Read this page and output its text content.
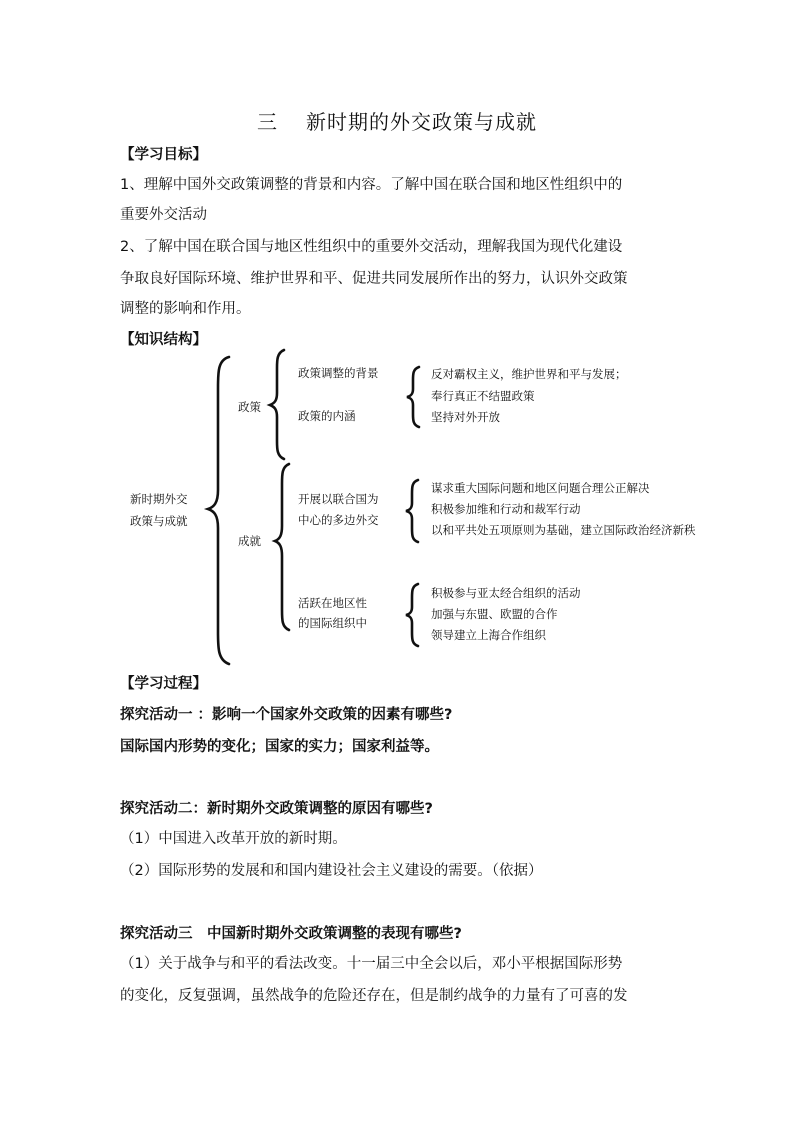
三 新时期的外交政策与成就
【学习目标】
1、理解中国外交政策调整的背景和内容。了解中国在联合国和地区性组织中的
重要外交活动
2、了解中国在联合国与地区性组织中的重要外交活动，理解我国为现代化建设
争取良好国际环境、维护世界和平、促进共同发展所作出的努力，认识外交政策
调整的影响和作用。
【知识结构】
新时期外交
政策与成就
政策
政策调整的背景
政策的内涵
反对霸权主义，维护世界和平与发展；
奉行真正不结盟政策
坚持对外开放
成就
开展以联合国为
中心的多边外交
谋求重大国际问题和地区问题合理公正解决
积极参加维和行动和裁军行动
以和平共处五项原则为基础，建立国际政治经济新秩
活跃在地区性
的国际组织中
积极参与亚太经合组织的活动
加强与东盟、欧盟的合作
领导建立上海合作组织
【学习过程】
探究活动一 ：影响一个国家外交政策的因素有哪些?
国际国内形势的变化；国家的实力；国家利益等。
探究活动二：新时期外交政策调整的原因有哪些?
（1）中国进入改革开放的新时期。
（2）国际形势的发展和和国内建设社会主义建设的需要。（依据）
探究活动三　中国新时期外交政策调整的表现有哪些?
（1）关于战争与和平的看法改变。十一届三中全会以后，邓小平根据国际形势
的变化，反复强调，虽然战争的危险还存在，但是制约战争的力量有了可喜的发
